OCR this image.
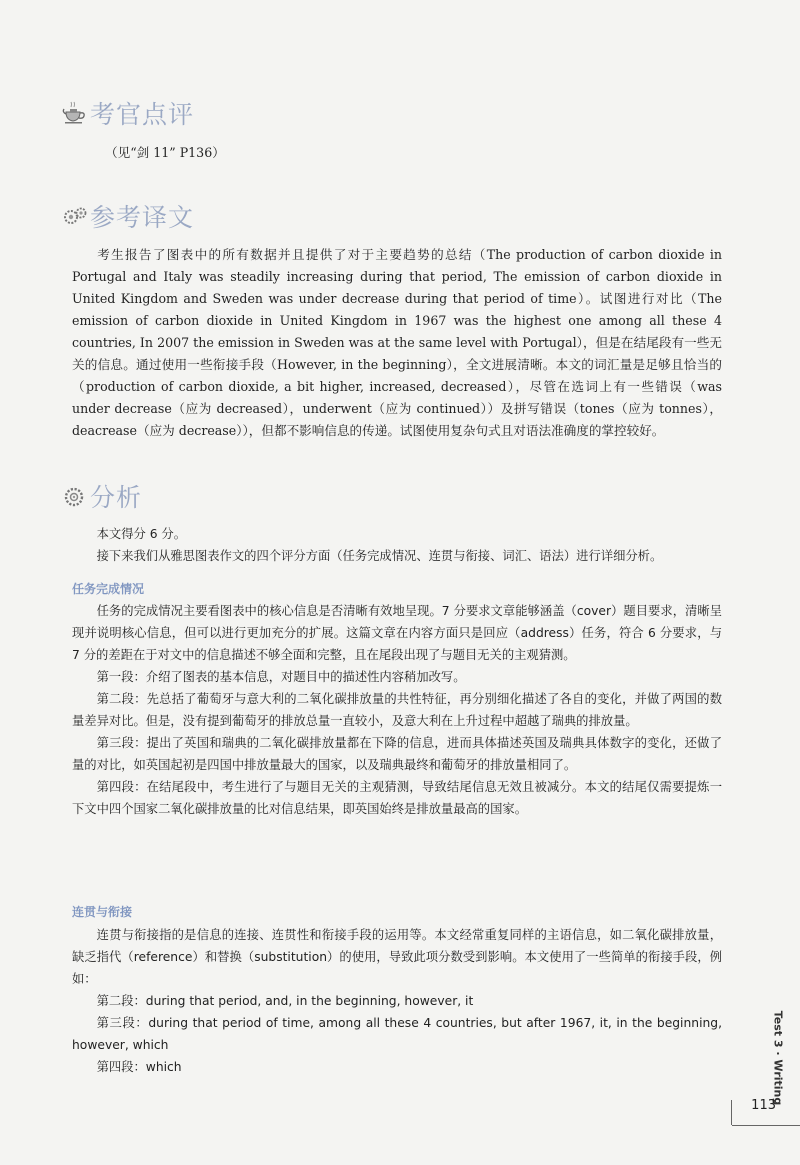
考官点评

（见“剑 11” P136）

参考译文

考生报告了图表中的所有数据并且提供了对于主要趋势的总结（The production of carbon dioxide in Portugal and Italy was steadily increasing during that period, The emission of carbon dioxide in United Kingdom and Sweden was under decrease during that period of time）。试图进行对比（The emission of carbon dioxide in United Kingdom in 1967 was the highest one among all these 4 countries, In 2007 the emission in Sweden was at the same level with Portugal），但是在结尾段有一些无关的信息。通过使用一些衔接手段（However, in the beginning），全文进展清晰。本文的词汇量是足够且恰当的（production of carbon dioxide, a bit higher, increased, decreased），尽管在选词上有一些错误（was under decrease（应为 decreased），underwent（应为 continued））及拼写错误（tones（应为 tonnes），deacrease（应为 decrease）），但都不影响信息的传递。试图使用复杂句式且对语法准确度的掌控较好。

分析

本文得分 6 分。

接下来我们从雅思图表作文的四个评分方面（任务完成情况、连贯与衔接、词汇、语法）进行详细分析。

任务完成情况

任务的完成情况主要看图表中的核心信息是否清晰有效地呈现。7 分要求文章能够涵盖（cover）题目要求，清晰呈现并说明核心信息，但可以进行更加充分的扩展。这篇文章在内容方面只是回应（address）任务，符合 6 分要求，与 7 分的差距在于对文中的信息描述不够全面和完整，且在尾段出现了与题目无关的主观猜测。

第一段：介绍了图表的基本信息，对题目中的描述性内容稍加改写。

第二段：先总括了葡萄牙与意大利的二氧化碳排放量的共性特征，再分别细化描述了各自的变化，并做了两国的数量差异对比。但是，没有提到葡萄牙的排放总量一直较小，及意大利在上升过程中超越了瑞典的排放量。

第三段：提出了英国和瑞典的二氧化碳排放量都在下降的信息，进而具体描述英国及瑞典具体数字的变化，还做了量的对比，如英国起初是四国中排放量最大的国家，以及瑞典最终和葡萄牙的排放量相同了。

第四段：在结尾段中，考生进行了与题目无关的主观猜测，导致结尾信息无效且被减分。本文的结尾仅需要提炼一下文中四个国家二氧化碳排放量的比对信息结果，即英国始终是排放量最高的国家。

连贯与衔接

连贯与衔接指的是信息的连接、连贯性和衔接手段的运用等。本文经常重复同样的主语信息，如二氧化碳排放量，缺乏指代（reference）和替换（substitution）的使用，导致此项分数受到影响。本文使用了一些简单的衔接手段，例如：

第二段：during that period, and, in the beginning, however, it

第三段：during that period of time, among all these 4 countries, but after 1967, it, in the beginning, however, which

第四段：which	Test 3 · Writing
113
